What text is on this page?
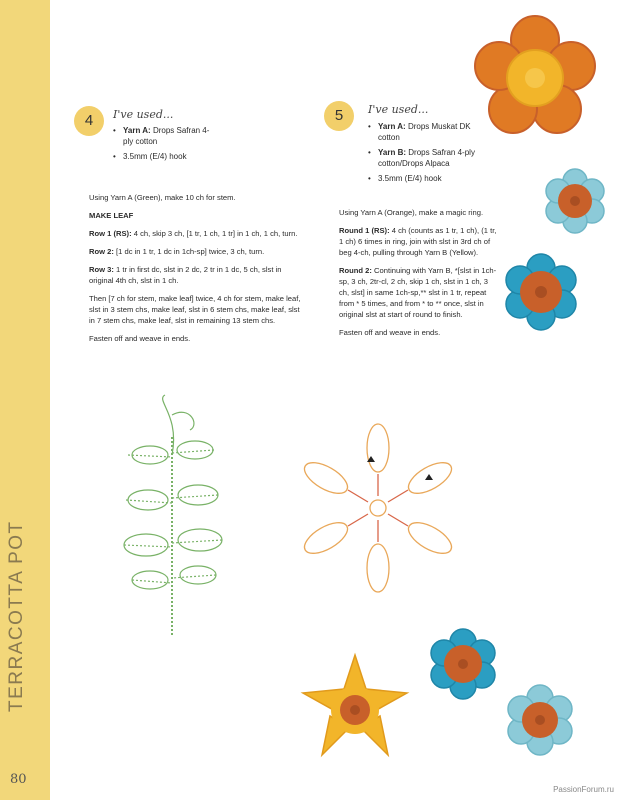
TERRACOTTA POT
80
4	I've used...
• Yarn A: Drops Safran 4-ply cotton
• 3.5mm (E/4) hook

Using Yarn A (Green), make 10 ch for stem.

MAKE LEAF

Row 1 (RS): 4 ch, skip 3 ch, [1 tr, 1 ch, 1 tr] in 1 ch, 1 ch, turn.

Row 2: [1 dc in 1 tr, 1 dc in 1ch-sp] twice, 3 ch, turn.

Row 3: 1 tr in first dc, slst in 2 dc, 2 tr in 1 dc, 5 ch, slst in original 4th ch, slst in 1 ch.

Then [7 ch for stem, make leaf] twice, 4 ch for stem, make leaf, slst in 3 stem chs, make leaf, slst in 6 stem chs, make leaf, slst in 7 stem chs, make leaf, slst in remaining 13 stem chs.

Fasten off and weave in ends.

5	I've used...
• Yarn A: Drops Muskat DK cotton
• Yarn B: Drops Safran 4-ply cotton/Drops Alpaca
• 3.5mm (E/4) hook

Using Yarn A (Orange), make a magic ring.

Round 1 (RS): 4 ch (counts as 1 tr, 1 ch), (1 tr, 1 ch) 6 times in ring, join with slst in 3rd ch of beg 4-ch, pulling through Yarn B (Yellow).

Round 2: Continuing with Yarn B, *[slst in 1ch-sp, 3 ch, 2tr-cl, 2 ch, skip 1 ch, slst in 1 ch, 3 ch, slst] in same 1ch-sp,** slst in 1 tr, repeat from * 5 times, and from * to ** once, slst in original slst at start of round to finish.

Fasten off and weave in ends.

PassionForum.ru
